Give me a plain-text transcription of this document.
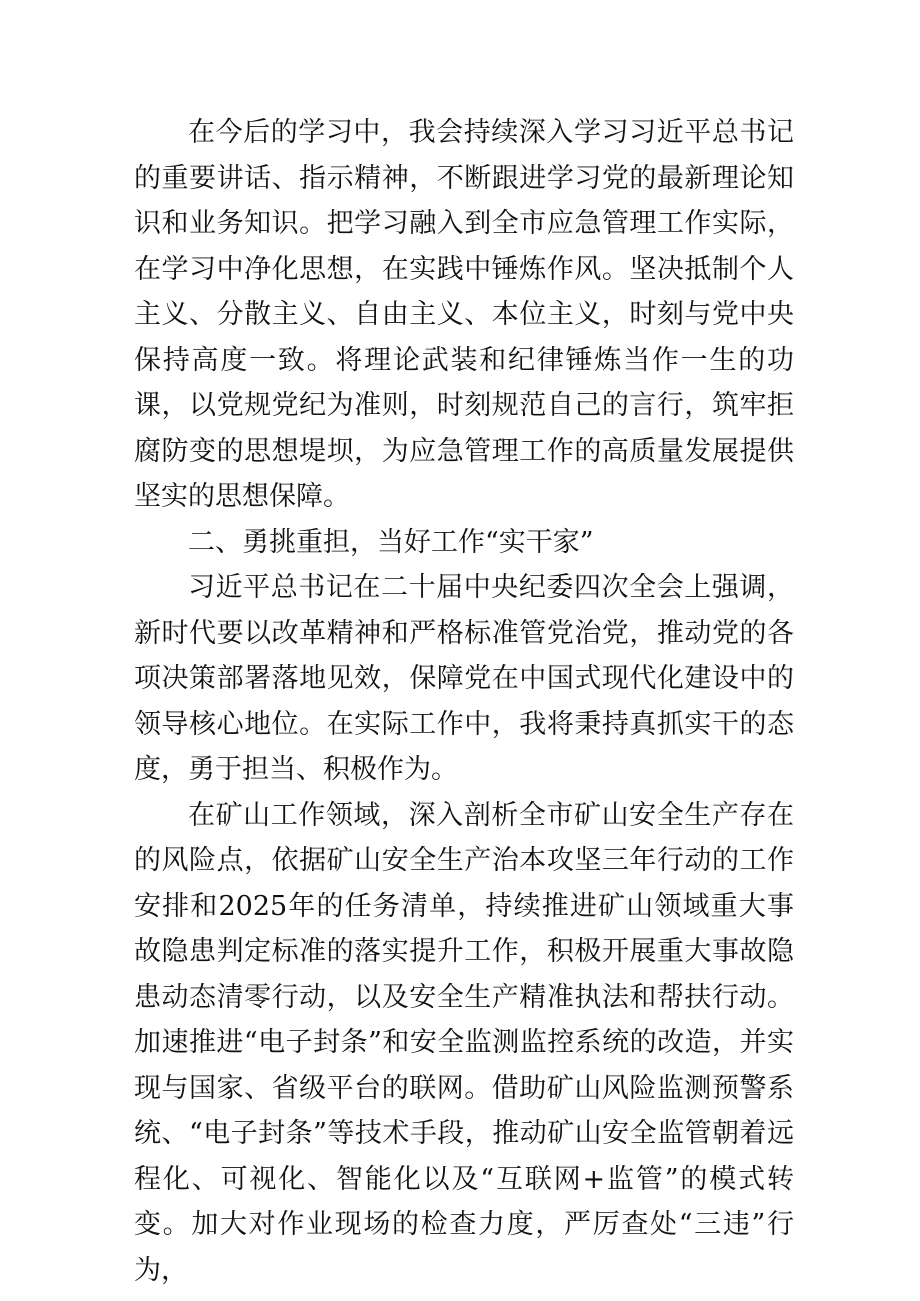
在今后的学习中，我会持续深入学习习近平总书记的重要讲话、指示精神，不断跟进学习党的最新理论知识和业务知识。把学习融入到全市应急管理工作实际，在学习中净化思想，在实践中锤炼作风。坚决抵制个人主义、分散主义、自由主义、本位主义，时刻与党中央保持高度一致。将理论武装和纪律锤炼当作一生的功课，以党规党纪为准则，时刻规范自己的言行，筑牢拒腐防变的思想堤坝，为应急管理工作的高质量发展提供坚实的思想保障。

二、勇挑重担，当好工作“实干家”

习近平总书记在二十届中央纪委四次全会上强调，新时代要以改革精神和严格标准管党治党，推动党的各项决策部署落地见效，保障党在中国式现代化建设中的领导核心地位。在实际工作中，我将秉持真抓实干的态度，勇于担当、积极作为。

在矿山工作领域，深入剖析全市矿山安全生产存在的风险点，依据矿山安全生产治本攻坚三年行动的工作安排和2025年的任务清单，持续推进矿山领域重大事故隐患判定标准的落实提升工作，积极开展重大事故隐患动态清零行动，以及安全生产精准执法和帮扶行动。加速推进“电子封条”和安全监测监控系统的改造，并实现与国家、省级平台的联网。借助矿山风险监测预警系统、“电子封条”等技术手段，推动矿山安全监管朝着远程化、可视化、智能化以及“互联网+监管”的模式转变。加大对作业现场的检查力度，严厉查处“三违”行为，
